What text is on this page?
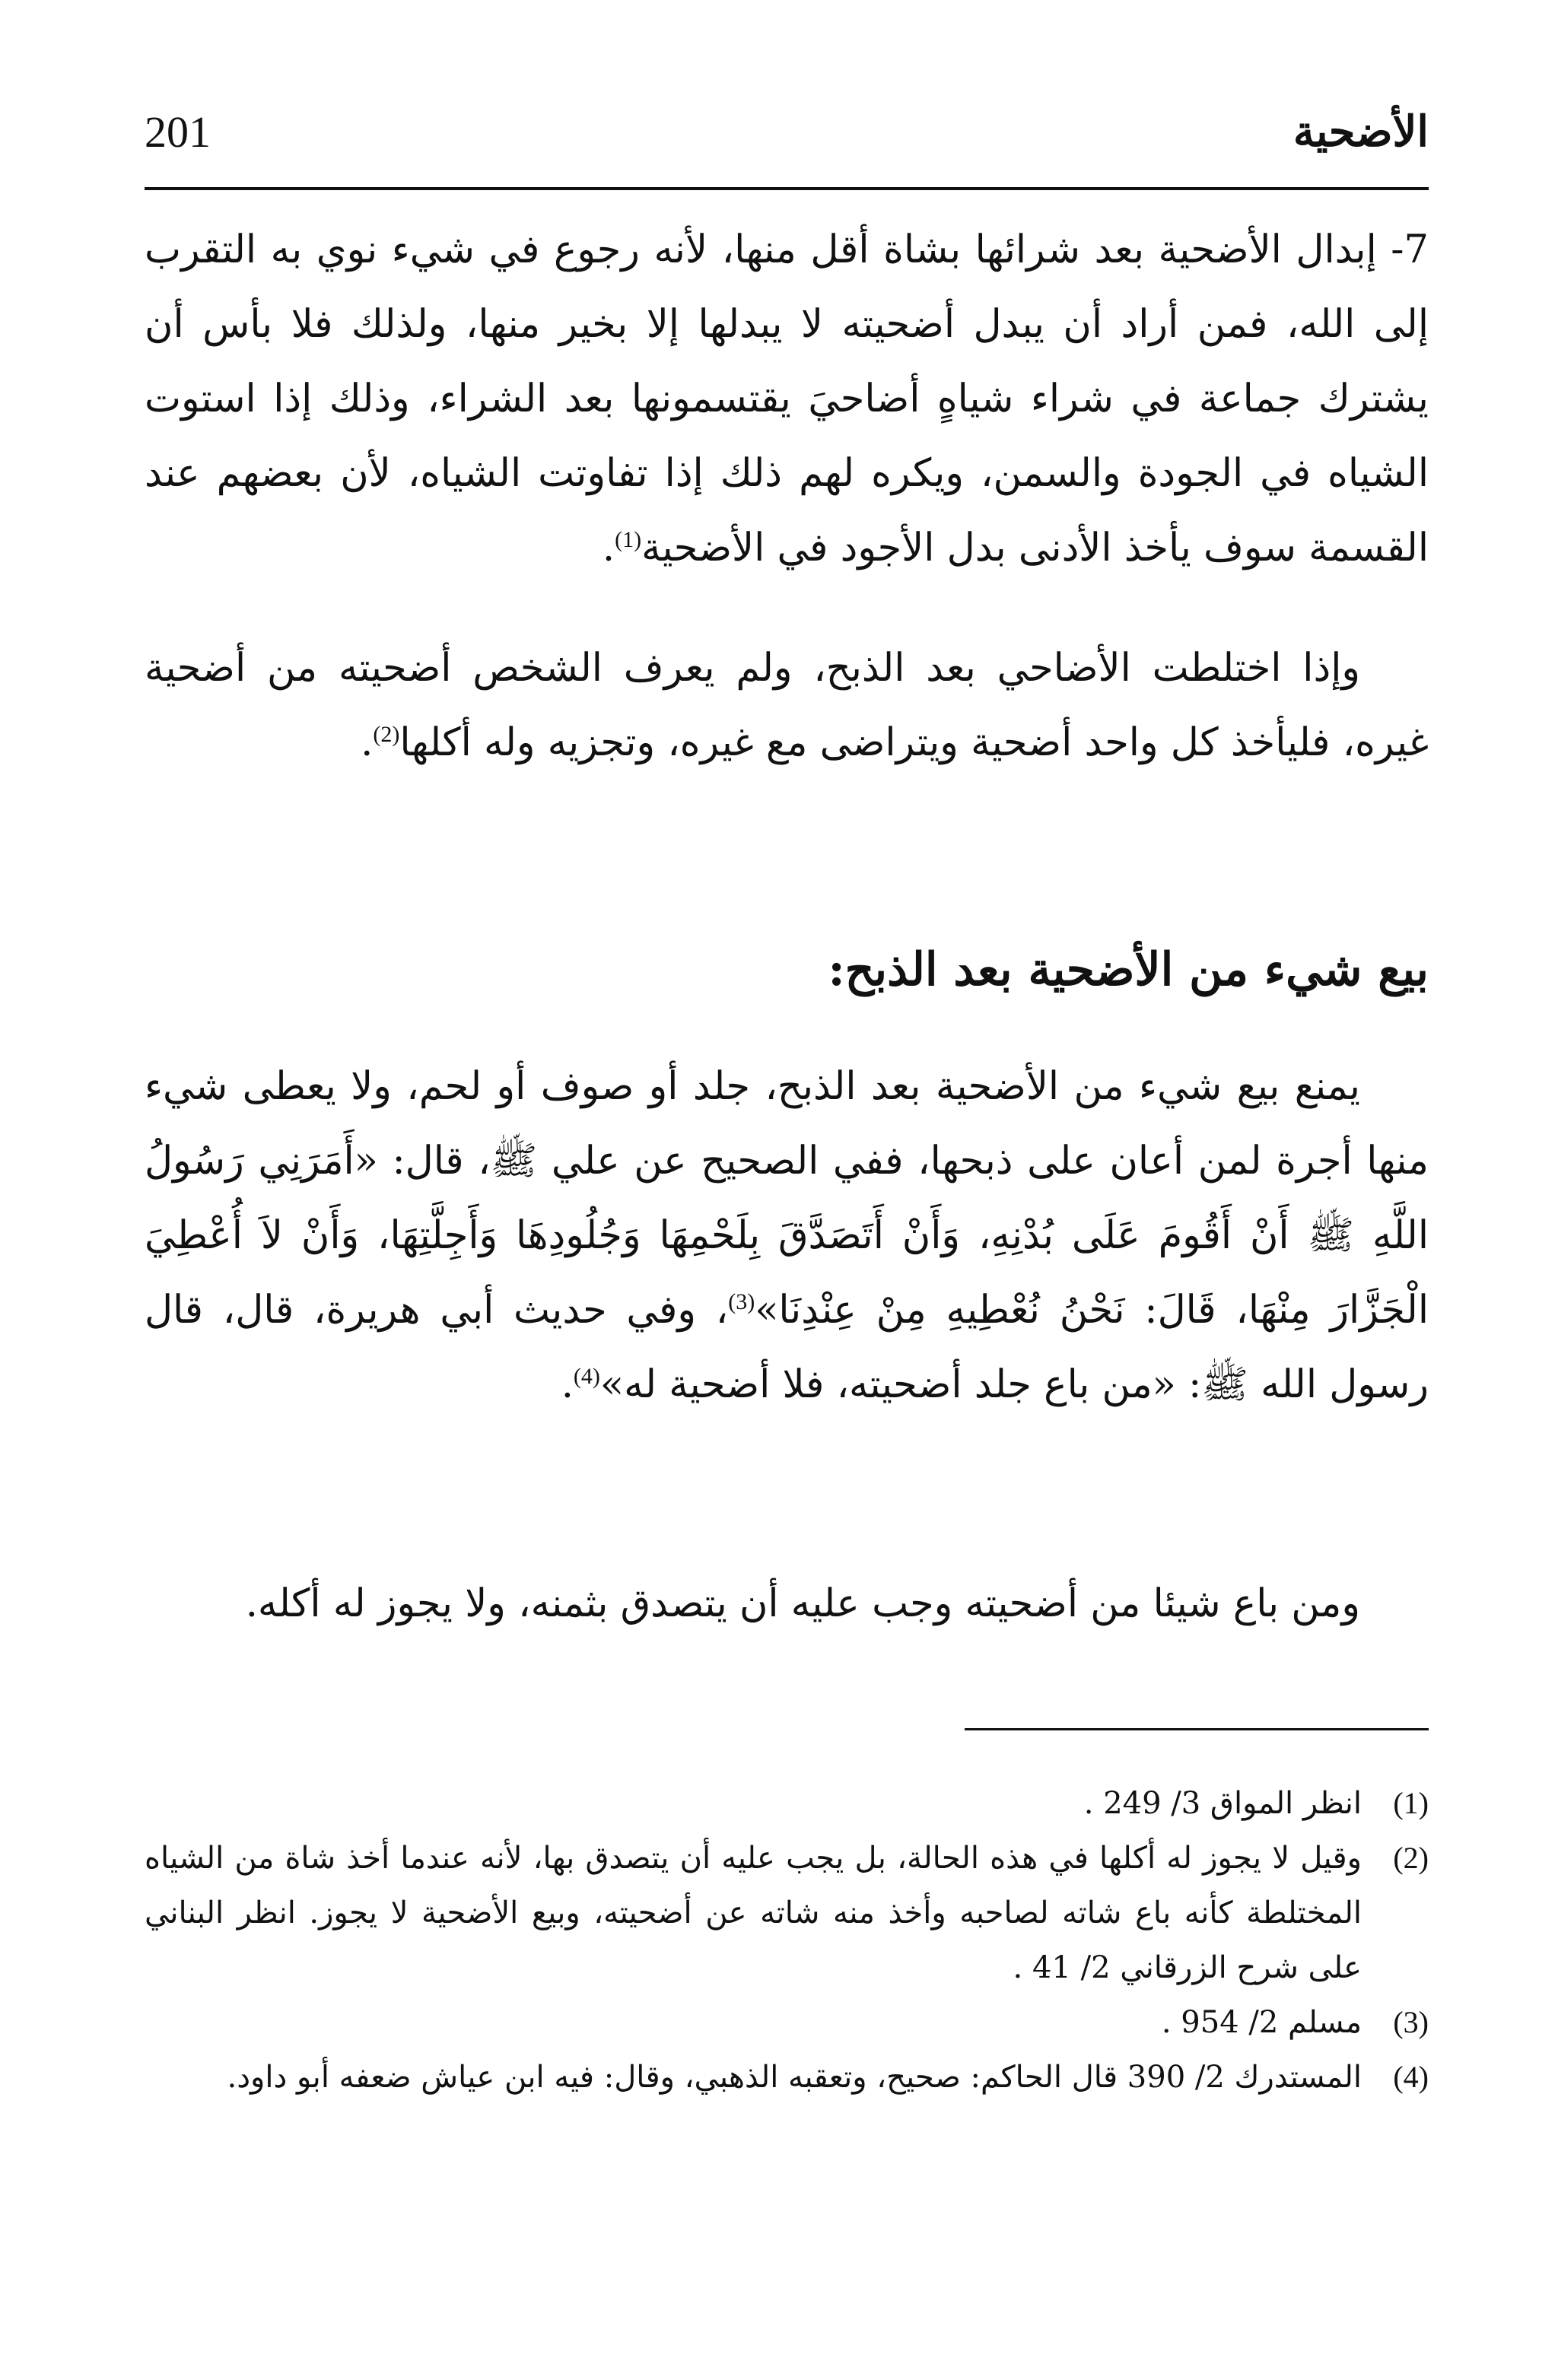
201	الأضحية

7- إبدال الأضحية بعد شرائها بشاة أقل منها، لأنه رجوع في شيء نوي به التقرب إلى الله، فمن أراد أن يبدل أضحيته لا يبدلها إلا بخير منها، ولذلك فلا بأس أن يشترك جماعة في شراء شياهٍ أضاحيَ يقتسمونها بعد الشراء، وذلك إذا استوت الشياه في الجودة والسمن، ويكره لهم ذلك إذا تفاوتت الشياه، لأن بعضهم عند القسمة سوف يأخذ الأدنى بدل الأجود في الأضحية$^{(1)}$.

وإذا اختلطت الأضاحي بعد الذبح، ولم يعرف الشخص أضحيته من أضحية غيره، فليأخذ كل واحد أضحية ويتراضى مع غيره، وتجزيه وله أكلها$^{(2)}$.

بيع شيء من الأضحية بعد الذبح:

يمنع بيع شيء من الأضحية بعد الذبح، جلد أو صوف أو لحم، ولا يعطى شيء منها أجرة لمن أعان على ذبحها، ففي الصحيح عن علي ﷺ، قال: «أَمَرَنِي رَسُولُ اللَّهِ ﷺ أَنْ أَقُومَ عَلَى بُدْنِهِ، وَأَنْ أَتَصَدَّقَ بِلَحْمِهَا وَجُلُودِهَا وَأَجِلَّتِهَا، وَأَنْ لاَ أُعْطِيَ الْجَزَّارَ مِنْهَا، قَالَ: نَحْنُ نُعْطِيهِ مِنْ عِنْدِنَا»$^{(3)}$، وفي حديث أبي هريرة، قال، قال رسول الله ﷺ: «من باع جلد أضحيته، فلا أضحية له»$^{(4)}$.

ومن باع شيئا من أضحيته وجب عليه أن يتصدق بثمنه، ولا يجوز له أكله.

(1)
انظر المواق 3/ 249 .
(2)
وقيل لا يجوز له أكلها في هذه الحالة، بل يجب عليه أن يتصدق بها، لأنه عندما أخذ شاة من الشياه المختلطة كأنه باع شاته لصاحبه وأخذ منه شاته عن أضحيته، وبيع الأضحية لا يجوز. انظر البناني على شرح الزرقاني 2/ 41 .
(3)
مسلم 2/ 954 .
(4)
المستدرك 2/ 390 قال الحاكم: صحيح، وتعقبه الذهبي، وقال: فيه ابن عياش ضعفه أبو داود.
